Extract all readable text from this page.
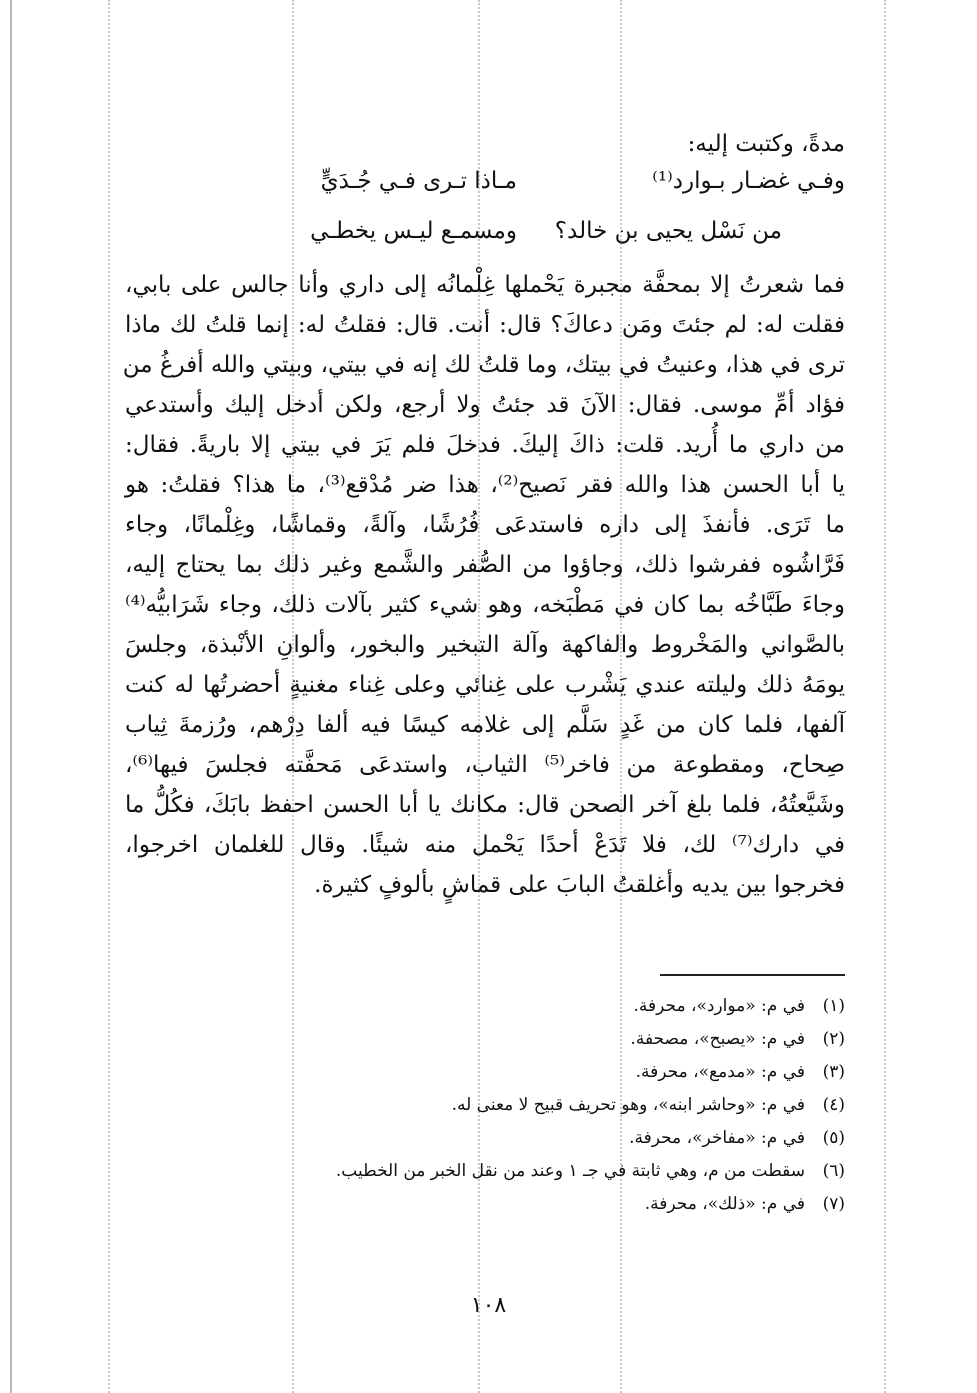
مدةً، وكتبت إليه:
وفـي غضـار بـوارد⁽¹⁾
مـاذا تـرى فـي جُـدَيٍّ
من نَسْل يحيى بن خالد؟
ومسمـع ليـس يخطـي
فما شعرتُ إلا بمحفَّة مجبرة يَحْملها غِلْمانُه إلى داري وأنا جالس على بابي،
فقلت له: لم جئتَ ومَن دعاكَ؟ قال: أنت. قال: فقلتُ له: إنما قلتُ لك ماذا
ترى في هذا، وعنيتُ في بيتك، وما قلتُ لك إنه في بيتي، وبيتي والله أفرغُ من
فؤاد أمِّ موسى. فقال: الآنَ قد جئتُ ولا أرجع، ولكن أدخل إليك وأستدعي
من داري ما أُريد. قلت: ذاكَ إليكَ. فدخلَ فلم يَرَ في بيتي إلا باريةً. فقال:
يا أبا الحسن هذا والله فقر نَصيح⁽²⁾، هذا ضر مُدْقع⁽³⁾، ما هذا؟ فقلتُ: هو
ما تَرَى. فأنفذَ إلى داره فاستدعَى فُرُشًا، وآلةً، وقماشًا، وغِلْمانًا، وجاء
فَرَّاشُوه ففرشوا ذلك، وجاؤوا من الصُّفر والشَّمع وغير ذلك بما يحتاج إليه،
وجاءَ طَبَّاخُه بما كان في مَطْبَخه، وهو شيء كثير بآلات ذلك، وجاء شَرَابيُّه⁽⁴⁾
بالصَّواني والمَخْروط والفاكهة وآلة التبخير والبخور، وألوانِ الأنْبذة، وجلسَ
يومَهُ ذلك وليلته عندي يَشْرب على غِنائي وعلى غِناء مغنيةٍ أحضرتُها له كنت
آلفها، فلما كان من غَدٍ سَلَّم إلى غلامه كيسًا فيه ألفا دِرْهم، ورُزمةَ ثِياب
صِحاح، ومقطوعة من فاخر⁽⁵⁾ الثياب، واستدعَى مَحفَّته فجلسَ فيها⁽⁶⁾،
وشَيَّعتُهُ، فلما بلغ آخر الصحن قال: مكانك يا أبا الحسن احفظ بابَكَ، فكُلُّ ما
في دارك⁽⁷⁾ لك، فلا تَدَعْ أحدًا يَحْمل منه شيئًا. وقال للغلمان اخرجوا،
فخرجوا بين يديه وأغلقتُ البابَ على قماشٍ بألوفٍ كثيرة.
(١)في م: «موارد»، محرفة.
(٢)في م: «يصبح»، مصحفة.
(٣)في م: «مدمع»، محرفة.
(٤)في م: «وحاشر ابنه»، وهو تحريف قبيح لا معنى له.
(٥)في م: «مفاخر»، محرفة.
(٦)سقطت من م، وهي ثابتة في جـ ١ وعند من نقل الخبر من الخطيب.
(٧)في م: «ذلك»، محرفة.
١٠٨
